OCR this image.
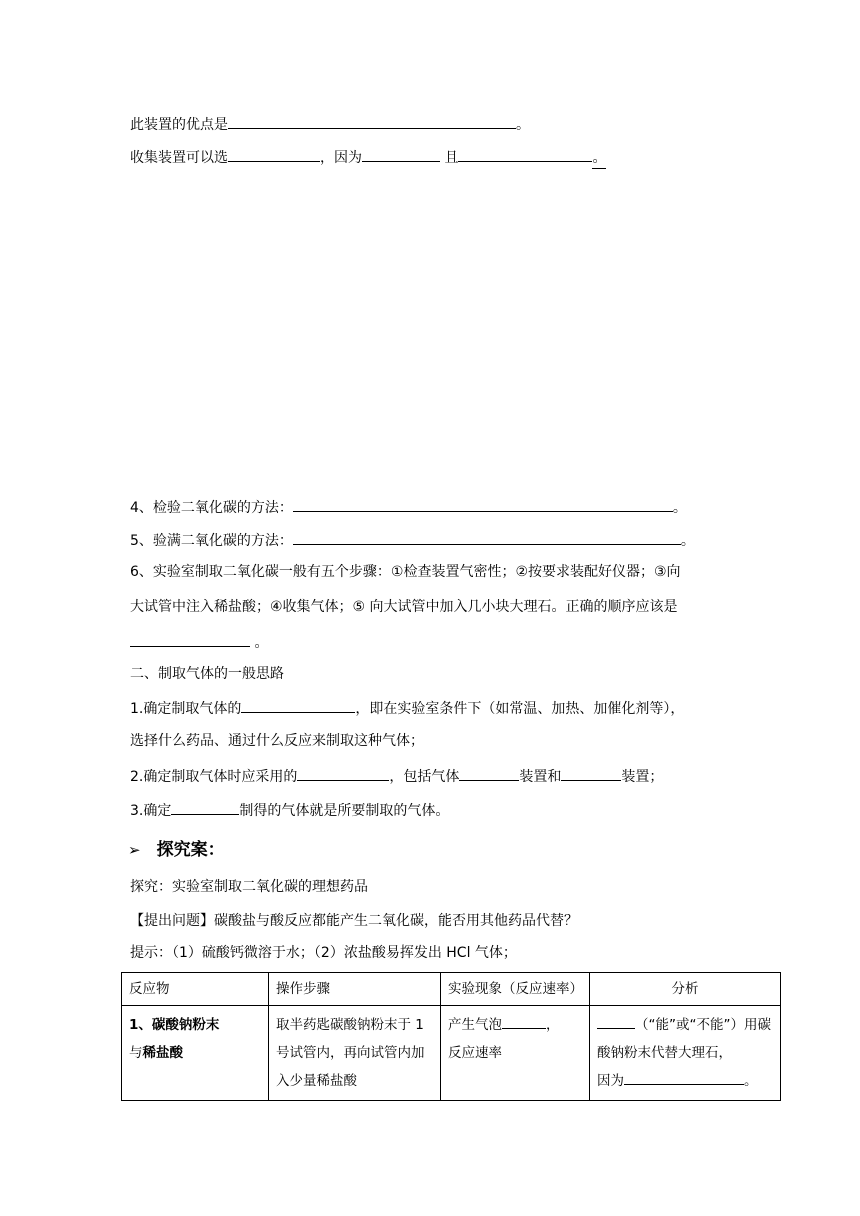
此装置的优点是	。
收集装置可以选	，因为	且	。
4、检验二氧化碳的方法：	。
5、验满二氧化碳的方法：	。
6、实验室制取二氧化碳一般有五个步骤：①检查装置气密性；②按要求装配好仪器；③向
大试管中注入稀盐酸；④收集气体；⑤ 向大试管中加入几小块大理石。正确的顺序应该是
。
二、制取气体的一般思路
1.确定制取气体的	，即在实验室条件下（如常温、加热、加催化剂等），
选择什么药品、通过什么反应来制取这种气体；
2.确定制取气体时应采用的	，包括气体	装置和	装置；
3.确定	制得的气体就是所要制取的气体。
➢ 探究案：
探究：实验室制取二氧化碳的理想药品
【提出问题】碳酸盐与酸反应都能产生二氧化碳，能否用其他药品代替？
提示：（1）硫酸钙微溶于水；（2）浓盐酸易挥发出 HCl 气体；
反应物	操作步骤	实验现象（反应速率）	分析
1、碳酸钠粉末
与稀盐酸	取半药匙碳酸钠粉末于 1 号试管内，再向试管内加入少量稀盐酸	产生气泡 ，
反应速率	（“能”或“不能”）用碳酸钠粉末代替大理石，
因为 。
